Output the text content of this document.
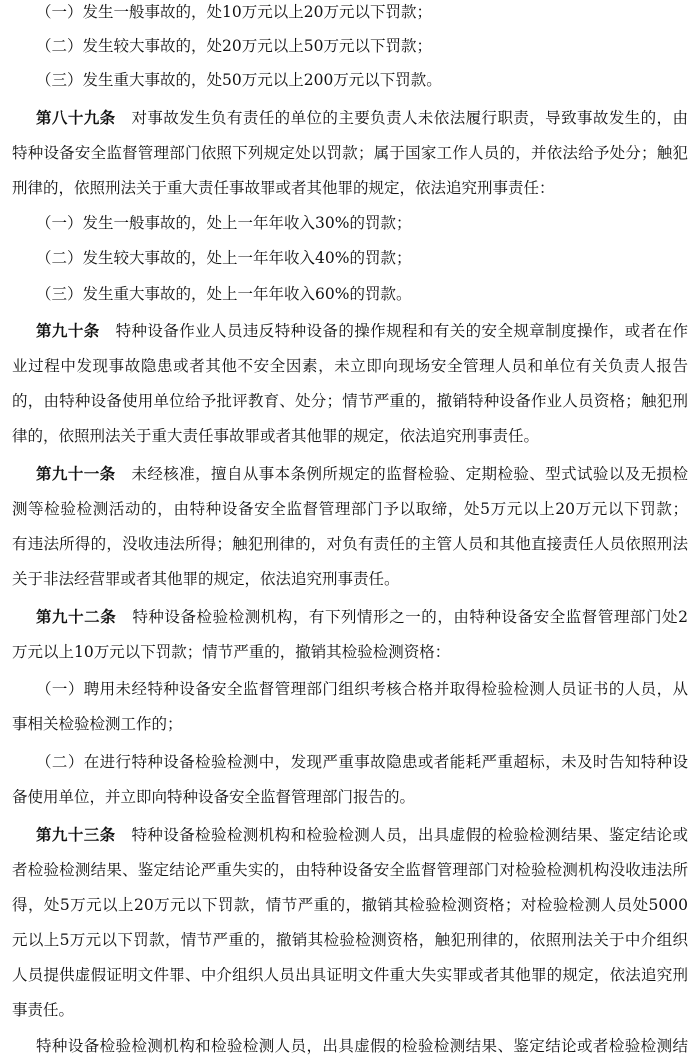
（一）发生一般事故的，处10万元以上20万元以下罚款；
（二）发生较大事故的，处20万元以上50万元以下罚款；
（三）发生重大事故的，处50万元以上200万元以下罚款。
第八十九条　 对事故发生负有责任的单位的主要负责人未依法履行职责，导致事故发生的，由
特种设备安全监督管理部门依照下列规定处以罚款；属于国家工作人员的，并依法给予处分；触犯
刑律的，依照刑法关于重大责任事故罪或者其他罪的规定，依法追究刑事责任：
（一）发生一般事故的，处上一年年收入30%的罚款；
（二）发生较大事故的，处上一年年收入40%的罚款；
（三）发生重大事故的，处上一年年收入60%的罚款。
第九十条　 特种设备作业人员违反特种设备的操作规程和有关的安全规章制度操作，或者在作
业过程中发现事故隐患或者其他不安全因素，未立即向现场安全管理人员和单位有关负责人报告
的，由特种设备使用单位给予批评教育、处分；情节严重的，撤销特种设备作业人员资格；触犯刑
律的，依照刑法关于重大责任事故罪或者其他罪的规定，依法追究刑事责任。
第九十一条　 未经核准，擅自从事本条例所规定的监督检验、定期检验、型式试验以及无损检
测等检验检测活动的，由特种设备安全监督管理部门予以取缔，处5万元以上20万元以下罚款；
有违法所得的，没收违法所得；触犯刑律的，对负有责任的主管人员和其他直接责任人员依照刑法
关于非法经营罪或者其他罪的规定，依法追究刑事责任。
第九十二条　 特种设备检验检测机构，有下列情形之一的，由特种设备安全监督管理部门处2
万元以上10万元以下罚款；情节严重的，撤销其检验检测资格：
（一）聘用未经特种设备安全监督管理部门组织考核合格并取得检验检测人员证书的人员，从
事相关检验检测工作的；
（二）在进行特种设备检验检测中，发现严重事故隐患或者能耗严重超标，未及时告知特种设
备使用单位，并立即向特种设备安全监督管理部门报告的。
第九十三条　 特种设备检验检测机构和检验检测人员，出具虚假的检验检测结果、鉴定结论或
者检验检测结果、鉴定结论严重失实的，由特种设备安全监督管理部门对检验检测机构没收违法所
得，处5万元以上20万元以下罚款，情节严重的，撤销其检验检测资格；对检验检测人员处5000
元以上5万元以下罚款，情节严重的，撤销其检验检测资格，触犯刑律的，依照刑法关于中介组织
人员提供虚假证明文件罪、中介组织人员出具证明文件重大失实罪或者其他罪的规定，依法追究刑
事责任。
特种设备检验检测机构和检验检测人员，出具虚假的检验检测结果、鉴定结论或者检验检测结
